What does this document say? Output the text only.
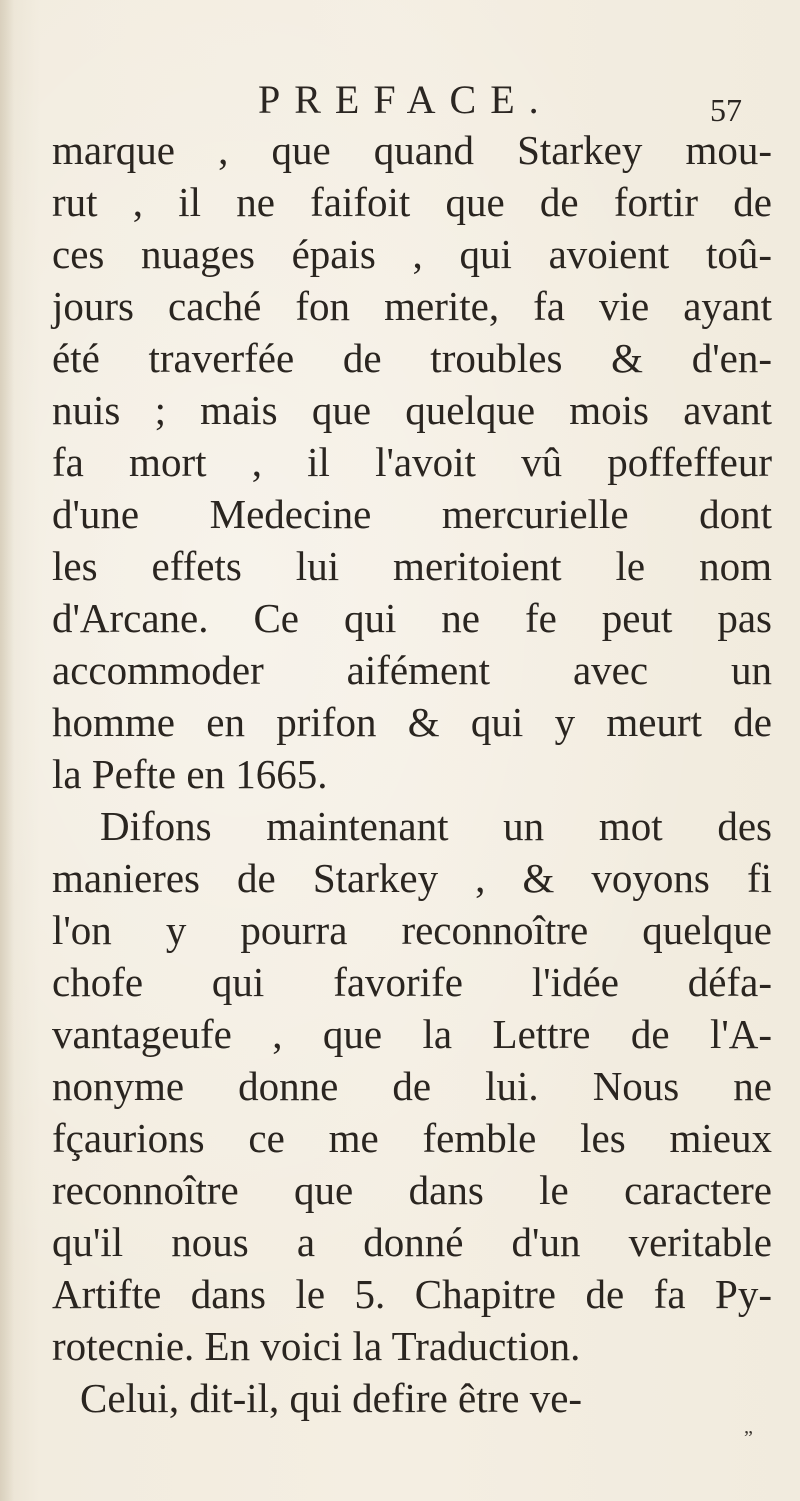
PREFACE.	57
marque , que quand Starkey mou-
rut , il ne faifoit que de fortir de
ces nuages épais , qui avoient toû-
jours caché fon merite, fa vie ayant
été traverfée de troubles & d'en-
nuis ; mais que quelque mois avant
fa mort , il l'avoit vû poffeffeur
d'une Medecine mercurielle dont
les effets lui meritoient le nom
d'Arcane. Ce qui ne fe peut pas
accommoder aifément avec un
homme en prifon & qui y meurt de
la Pefte en 1665.
Difons maintenant un mot des
manieres de Starkey , & voyons fi
l'on y pourra reconnoître quelque
chofe qui favorife l'idée défa-
vantageufe , que la Lettre de l'A-
nonyme donne de lui. Nous ne
fçaurions ce me femble les mieux
reconnoître que dans le caractere
qu'il nous a donné d'un veritable
Artifte dans le 5. Chapitre de fa Py-
rotecnie. En voici la Traduction.
Celui, dit-il, qui defire être ve-
„
